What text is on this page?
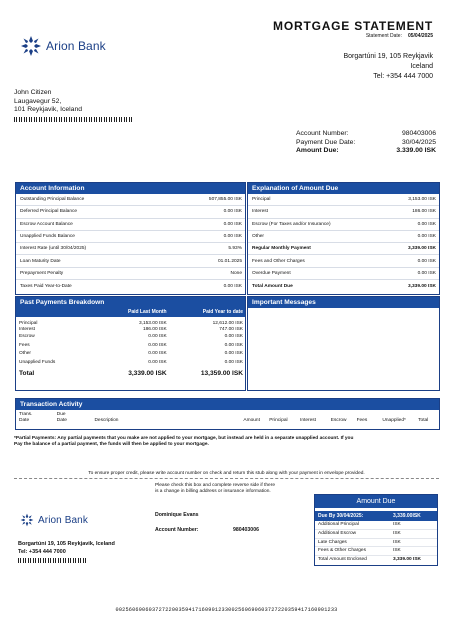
Arion Bank
MORTGAGE STATEMENT
Statement Date: 05/04/2025
Borgartúni 19, 105 Reykjavik
Iceland
Tel: +354 444 7000
John Citizen
Laugavegur 52,
101 Reykjavik, Iceland
Account Number:	980403006
Payment Due Date:	30/04/2025
Amount Due:	3.339.00 ISK
Account Information
Outstanding Principal Balance	507,855.00 ISK
Deferred Principal Balance	0.00 ISK
Escrow Account Balance	0.00 ISK
Unapplied Funds Balance	0.00 ISK
Interest Rate (until 30/04/2025)	5.93%
Loan Maturity Date	01.01.2025
Prepayment Penalty	None
Taxes Paid Year-to-Date	0.00 ISK
Explanation of Amount Due
Principal	3,153.00 ISK
Interest	186.00 ISK
Escrow (For Taxes and/or Insurance)	0.00 ISK
Other	0.00 ISK
Regular Monthly Payment	3,339.00 ISK
Fees and Other Charges	0.00 ISK
Overdue Payment	0.00 ISK
Total Amount Due	3,339.00 ISK
Past Payments Breakdown
Paid Last Month	Paid Year to date
Principal	3,153.00 ISK	12,612.00 ISK
Interest	186.00 ISK	747.00 ISK
Escrow	0.00 ISK	0.00 ISK
Fees	0.00 ISK	0.00 ISK
Other	0.00 ISK	0.00 ISK
Unapplied Funds	0.00 ISK	0.00 ISK
Total	3,339.00 ISK	13,359.00 ISK
Important Messages
Transaction Activity
Trans.
Date
Due
Date	Description	Amount	Principal	Interest	Escrow	Fees	Unapplied*	Total
*Partial Payments: Any partial payments that you make are not applied to your mortgage, but instead are held in a separate unapplied account. If you
Pay the balance of a partial payment, the funds will then be applied to your mortgage.
To ensure proper credit, please write account number on check and return this stub along with your payment in envelope provided.
Please check this box and complete reverse side if there
is a change in billing address or insurance information.
Arion Bank
Borgartúni 19, 105 Reykjavik, Iceland
Tel: +354 444 7000
Dominique Evans
Account Number:	980403006
Amount Due
Due By 30/04/2025:	3,339.00ISK
Additional Principal	ISK
Additional Escrow	ISK
Late Charges	ISK
Fees & Other Charges	ISK
Total Amount Enclosed	3,339.00 ISK
0025606906037272200359417160901233002560690603727220359417160901233
